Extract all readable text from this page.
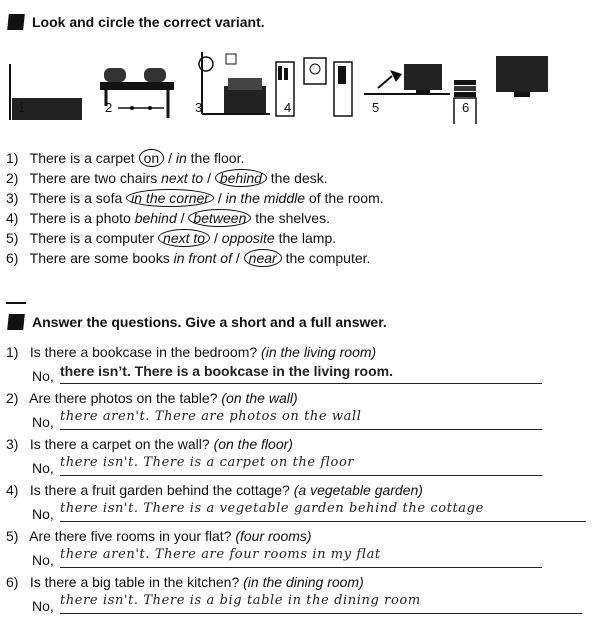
Look and circle the correct variant.
1	2	3	4	5	6
1) There is a carpet on / in the floor.
2) There are two chairs next to / behind the desk.
3) There is a sofa in the corner / in the middle of the room.
4) There is a photo behind / between the shelves.
5) There is a computer next to / opposite the lamp.
6) There are some books in front of / near the computer.
Answer the questions. Give a short and a full answer.
1) Is there a bookcase in the bedroom? (in the living room)
No, there isn’t. There is a bookcase in the living room.
2) Are there photos on the table? (on the wall)
No, there aren't. There are photos on the wall
3) Is there a carpet on the wall? (on the floor)
No, there isn't. There is a carpet on the floor
4) Is there a fruit garden behind the cottage? (a vegetable garden)
No, there isn't. There is a vegetable garden behind the cottage
5) Are there five rooms in your flat? (four rooms)
No, there aren't. There are four rooms in my flat
6) Is there a big table in the kitchen? (in the dining room)
No, there isn't. There is a big table in the dining room
